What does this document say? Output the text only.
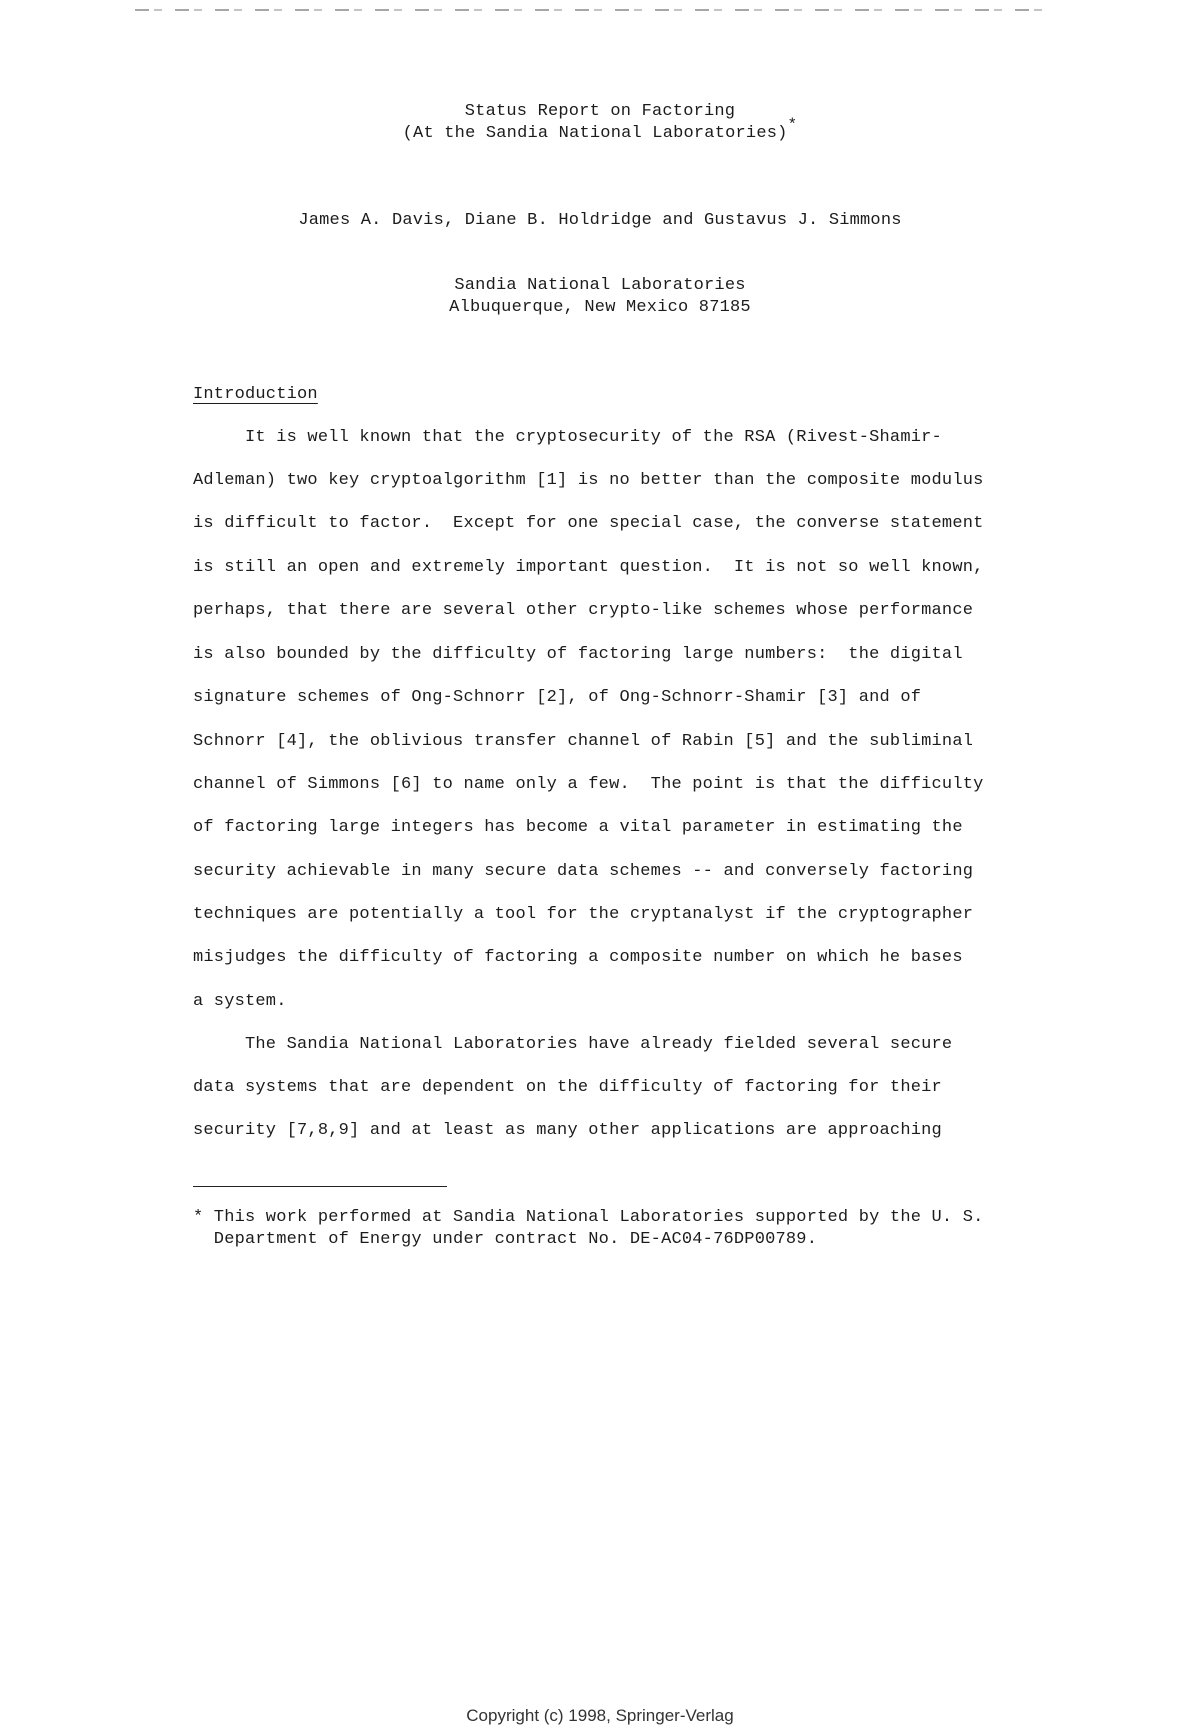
Status Report on Factoring
(At the Sandia National Laboratories)*
James A. Davis, Diane B. Holdridge and Gustavus J. Simmons
Sandia National Laboratories
Albuquerque, New Mexico 87185
Introduction
It is well known that the cryptosecurity of the RSA (Rivest-Shamir-
Adleman) two key cryptoalgorithm [1] is no better than the composite modulus
is difficult to factor.  Except for one special case, the converse statement
is still an open and extremely important question.  It is not so well known,
perhaps, that there are several other crypto-like schemes whose performance
is also bounded by the difficulty of factoring large numbers:  the digital
signature schemes of Ong-Schnorr [2], of Ong-Schnorr-Shamir [3] and of
Schnorr [4], the oblivious transfer channel of Rabin [5] and the subliminal
channel of Simmons [6] to name only a few.  The point is that the difficulty
of factoring large integers has become a vital parameter in estimating the
security achievable in many secure data schemes -- and conversely factoring
techniques are potentially a tool for the cryptanalyst if the cryptographer
misjudges the difficulty of factoring a composite number on which he bases
a system.
The Sandia National Laboratories have already fielded several secure
data systems that are dependent on the difficulty of factoring for their
security [7,8,9] and at least as many other applications are approaching
* This work performed at Sandia National Laboratories supported by the U. S.
Department of Energy under contract No. DE-AC04-76DP00789.
Copyright (c) 1998, Springer-Verlag
